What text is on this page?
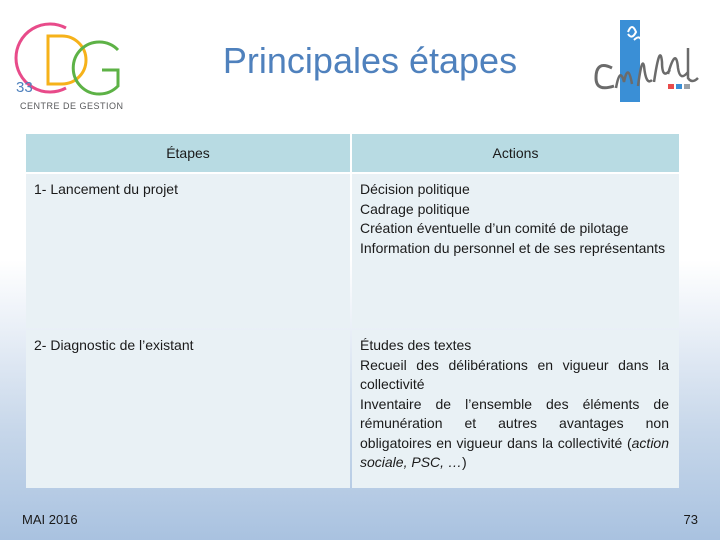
33
CENTRE DE GESTION
Principales étapes
Étapes	Actions
1- Lancement du projet	Décision politique
Cadrage politique
Création éventuelle d’un comité de pilotage
Information du personnel et de ses représentants

2- Diagnostic de l’existant	Études des textes
Recueil des délibérations en vigueur dans la collectivité
Inventaire de l’ensemble des éléments de rémunération et autres avantages non obligatoires en vigueur dans la collectivité (action sociale, PSC, …)
MAI 2016	73
